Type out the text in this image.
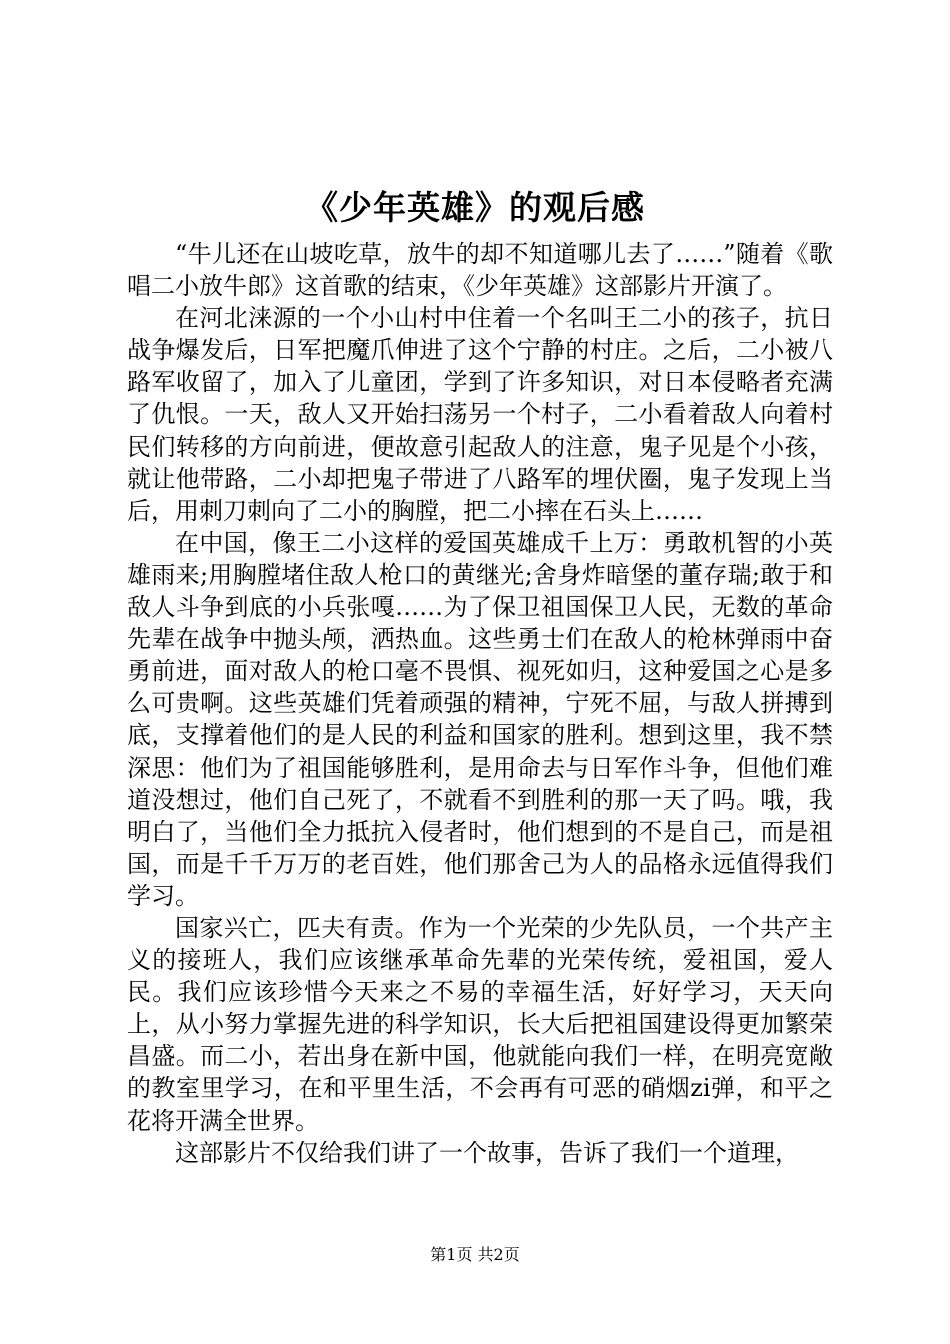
《少年英雄》的观后感

“牛儿还在山坡吃草，放牛的却不知道哪儿去了……”随着《歌唱二小放牛郎》这首歌的结束，《少年英雄》这部影片开演了。

在河北涞源的一个小山村中住着一个名叫王二小的孩子，抗日战争爆发后，日军把魔爪伸进了这个宁静的村庄。之后，二小被八路军收留了，加入了儿童团，学到了许多知识，对日本侵略者充满了仇恨。一天，敌人又开始扫荡另一个村子，二小看着敌人向着村民们转移的方向前进，便故意引起敌人的注意，鬼子见是个小孩，就让他带路，二小却把鬼子带进了八路军的埋伏圈，鬼子发现上当后，用刺刀刺向了二小的胸膛，把二小摔在石头上……

在中国，像王二小这样的爱国英雄成千上万：勇敢机智的小英雄雨来;用胸膛堵住敌人枪口的黄继光;舍身炸暗堡的董存瑞;敢于和敌人斗争到底的小兵张嘎……为了保卫祖国保卫人民，无数的革命先辈在战争中抛头颅，洒热血。这些勇士们在敌人的枪林弹雨中奋勇前进，面对敌人的枪口毫不畏惧、视死如归，这种爱国之心是多么可贵啊。这些英雄们凭着顽强的精神，宁死不屈，与敌人拼搏到底，支撑着他们的是人民的利益和国家的胜利。想到这里，我不禁深思：他们为了祖国能够胜利，是用命去与日军作斗争，但他们难道没想过，他们自己死了，不就看不到胜利的那一天了吗。哦，我明白了，当他们全力抵抗入侵者时，他们想到的不是自己，而是祖国，而是千千万万的老百姓，他们那舍己为人的品格永远值得我们学习。

国家兴亡，匹夫有责。作为一个光荣的少先队员，一个共产主义的接班人，我们应该继承革命先辈的光荣传统，爱祖国，爱人民。我们应该珍惜今天来之不易的幸福生活，好好学习，天天向上，从小努力掌握先进的科学知识，长大后把祖国建设得更加繁荣昌盛。而二小，若出身在新中国，他就能向我们一样，在明亮宽敞的教室里学习，在和平里生活，不会再有可恶的硝烟zi弹，和平之花将开满全世界。

这部影片不仅给我们讲了一个故事，告诉了我们一个道理，

第1页 共2页
